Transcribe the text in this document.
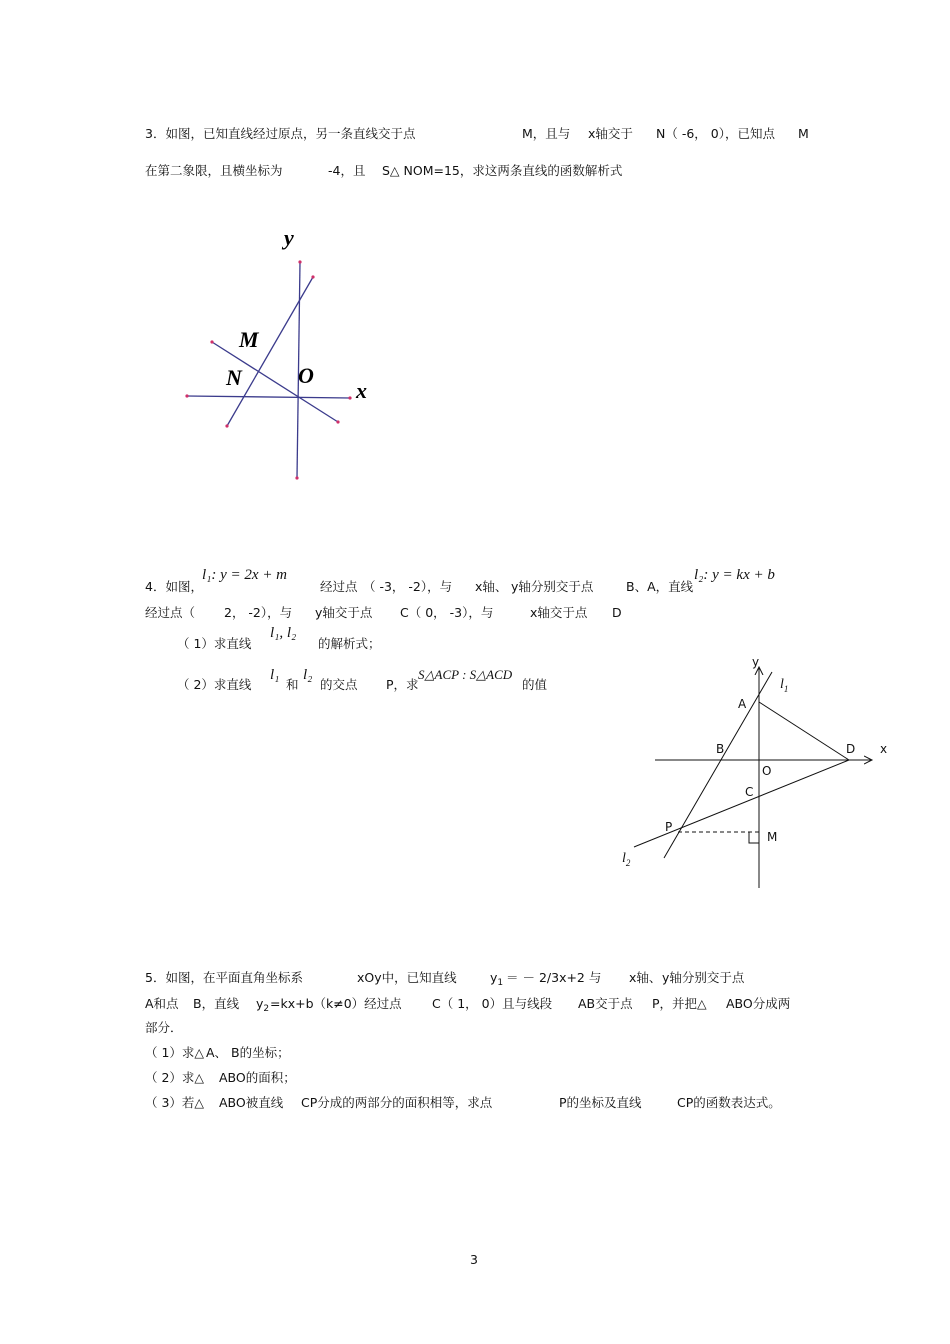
3．如图，已知直线经过原点，另一条直线交于点	M，且与 x轴交于 N（ -6， 0），已知点 M
在第二象限，且横坐标为	-4，且 S△ NOM=15，求这两条直线的函数解析式
y
M
N	O
x
4．如图，
l₁: y = 2x + m
经过点 （ -3， -2），与 x轴、 y轴分别交于点	B、A，直线
l₂: y = kx + b
经过点（ 2， -2），与 y轴交于点 C（ 0， -3），与	x轴交于点 D
（ 1）求直线
l₁, l₂
的解析式；
（ 2）求直线
l₁
和
l₂
的交点 P，求
S△ACP : S△ACD
的值
y
$l_1$
A
B	D x
O
C
P
M
$l_2$
5．如图，在平面直角坐标系	xOy中，已知直线	$y_1$ ＝ － 2/3x+2 与 x轴、 y轴分别交于点
A和点 B，直线 $y_2 =kx+b(k\ne 0)$经过点 C（ 1， 0）且与线段 AB交于点 P，并把△ ABO分成两
部分．
（ 1）求△ A、 B的坐标；
（ 2）求△ ABO的面积；
（ 3）若△ ABO被直线 CP分成的两部分的面积相等，求点	P的坐标及直线	CP的函数表达式。
3
